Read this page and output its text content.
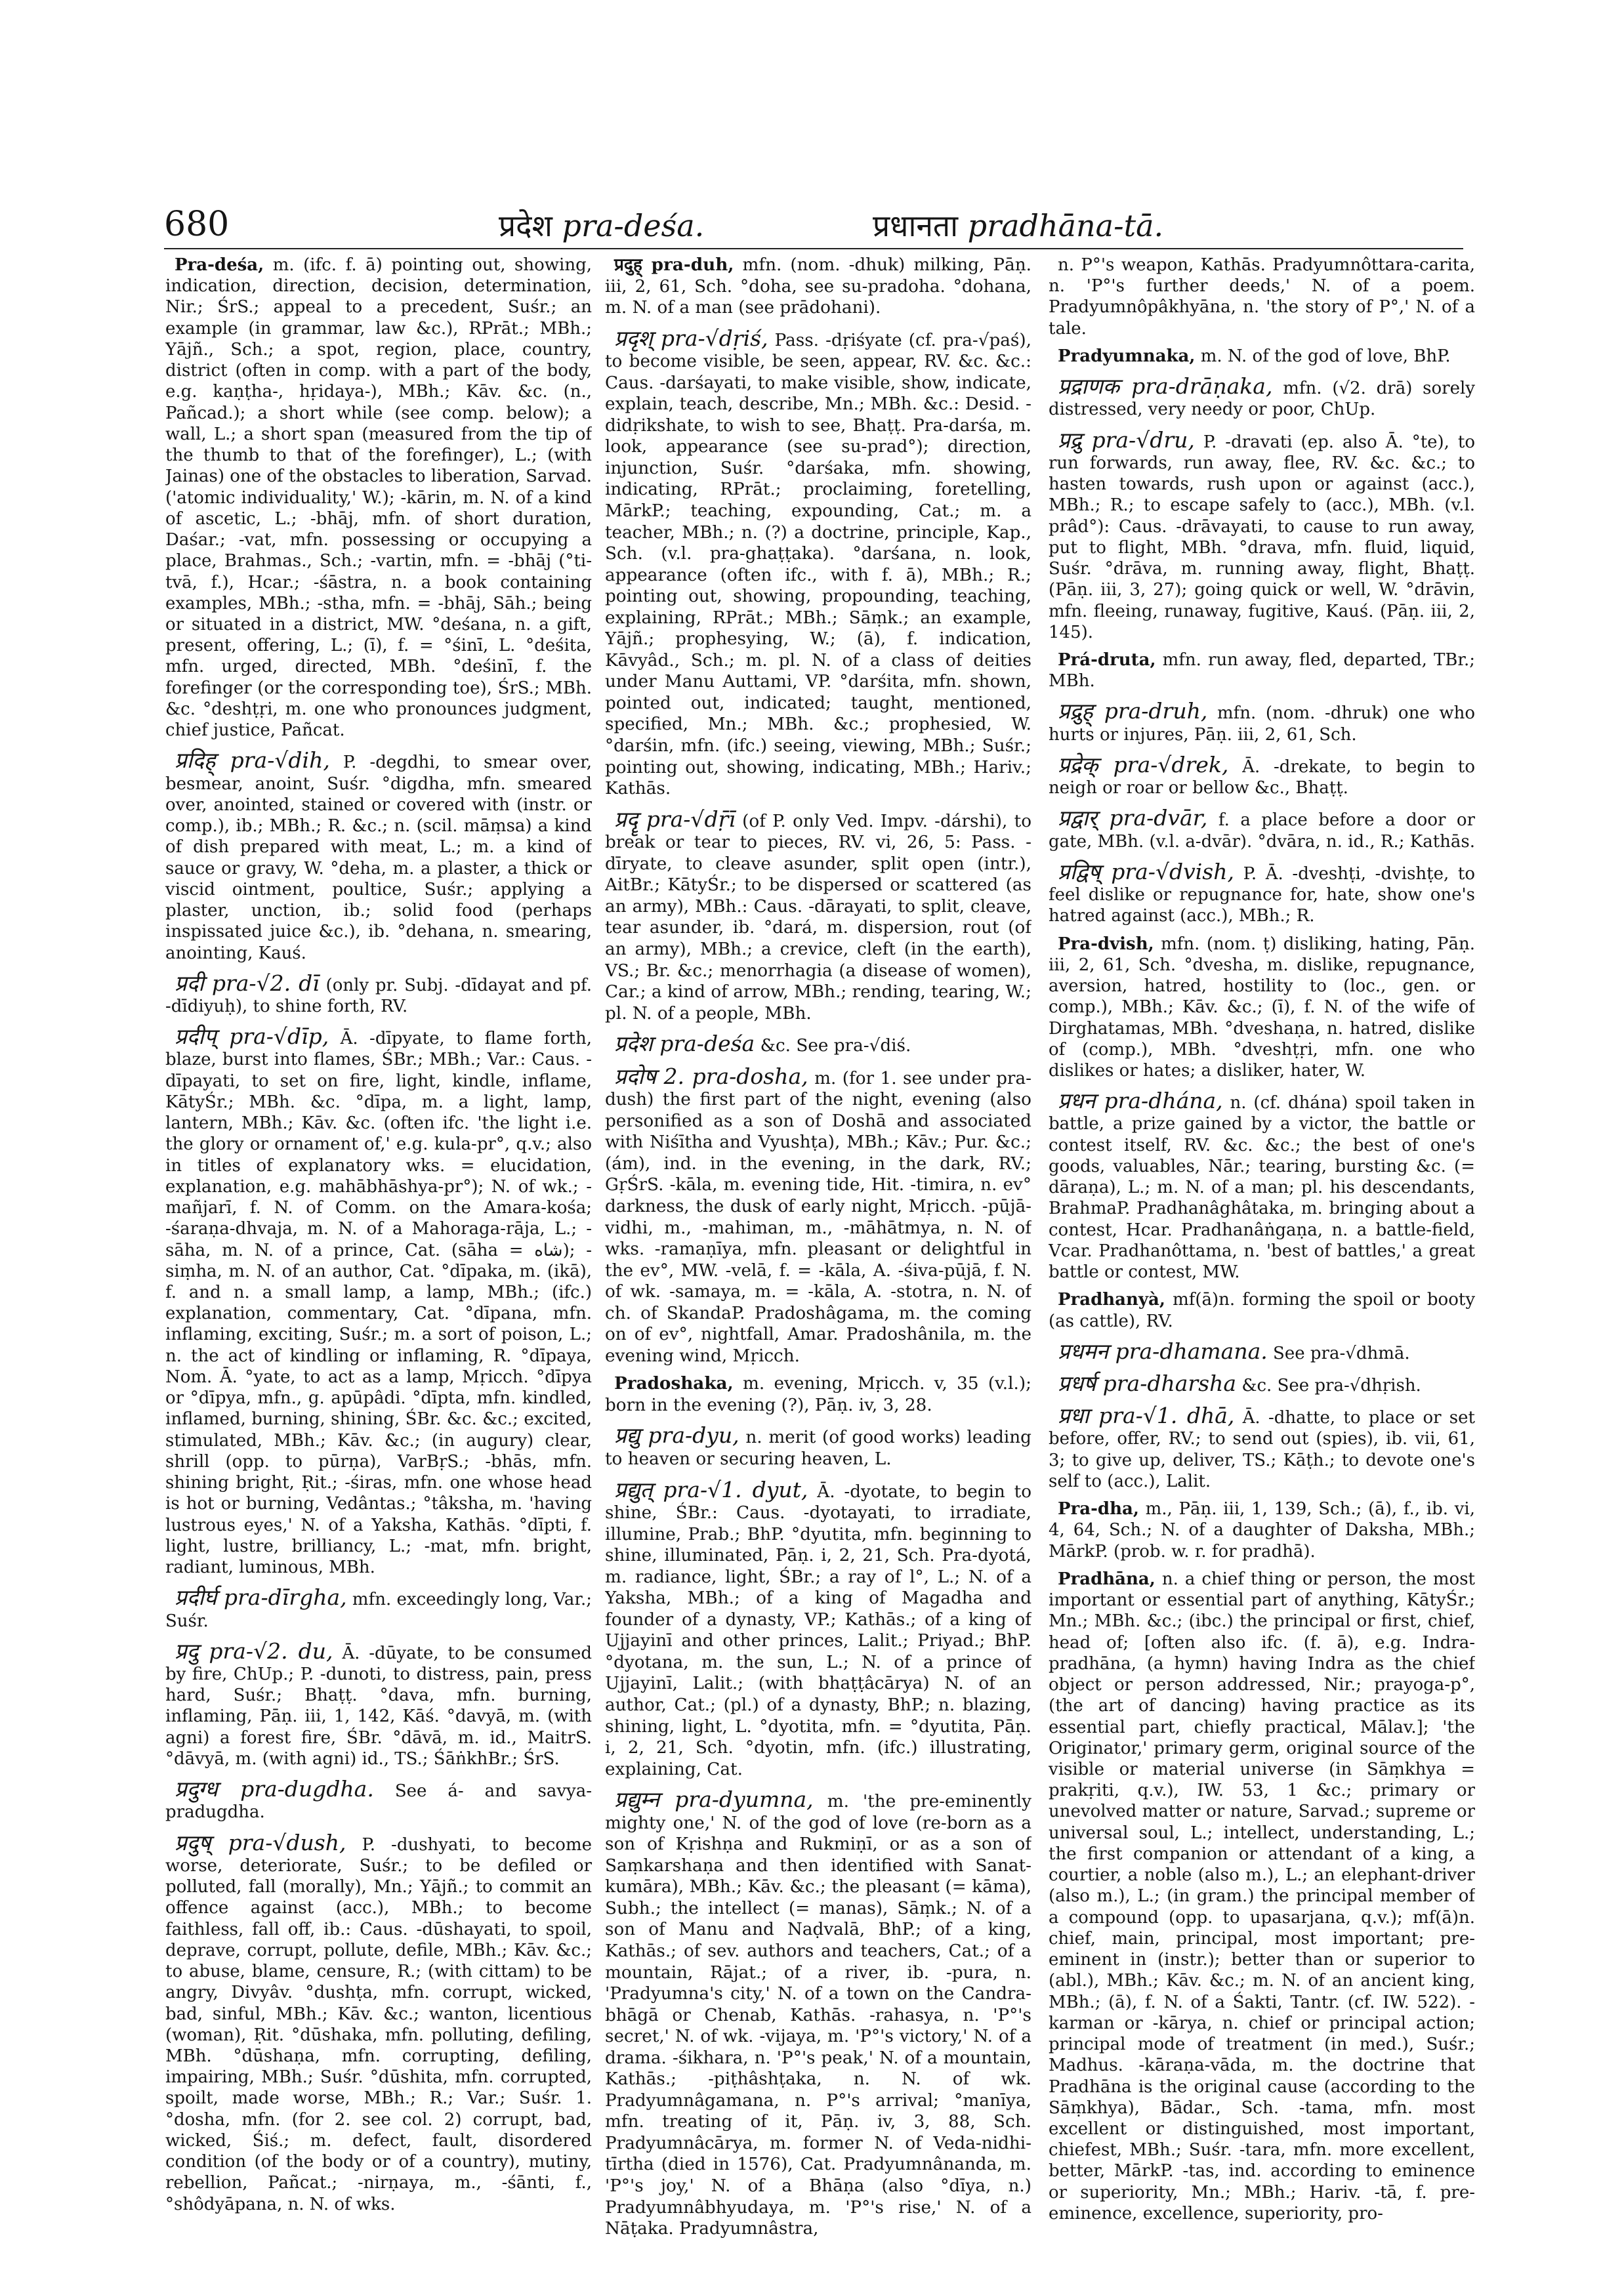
680	प्रदेश pra-deśa.	प्रधानता pradhāna-tā.

Pra-deśa, m. (ifc. f. ā) pointing out, showing, indication, direction, decision, determination, Nir.; ŚrS.; appeal to a precedent, Suśr.; an example (in grammar, law &c.), RPrāt.; MBh.; Yājñ., Sch.; a spot, region, place, country, district (often in comp. with a part of the body, e.g. kaṇṭha-, hṛidaya-), MBh.; Kāv. &c. (n., Pañcad.); a short while (see comp. below); a wall, L.; a short span (measured from the tip of the thumb to that of the forefinger), L.; (with Jainas) one of the obstacles to liberation, Sarvad. ('atomic individuality,' W.); -kārin, m. N. of a kind of ascetic, L.; -bhāj, mfn. of short duration, Daśar.; -vat, mfn. possessing or occupying a place, Brahmas., Sch.; -vartin, mfn. = -bhāj (°ti-tvā, f.), Hcar.; -śāstra, n. a book containing examples, MBh.; -stha, mfn. = -bhāj, Sāh.; being or situated in a district, MW. °deśana, n. a gift, present, offering, L.; (ī), f. = °śinī, L. °deśita, mfn. urged, directed, MBh. °deśinī, f. the forefinger (or the corresponding toe), ŚrS.; MBh. &c. °deshṭṛi, m. one who pronounces judgment, chief justice, Pañcat.

प्रदिह् pra-√dih, P. -degdhi, to smear over, besmear, anoint, Suśr. °digdha, mfn. smeared over, anointed, stained or covered with (instr. or comp.), ib.; MBh.; R. &c.; n. (scil. māṃsa) a kind of dish prepared with meat, L.; m. a kind of sauce or gravy, W. °deha, m. a plaster, a thick or viscid ointment, poultice, Suśr.; applying a plaster, unction, ib.; solid food (perhaps inspissated juice &c.), ib. °dehana, n. smearing, anointing, Kauś.

प्रदी pra-√2. dī (only pr. Subj. -dīdayat and pf. -dīdiyuḥ), to shine forth, RV.

प्रदीप् pra-√dīp, Ā. -dīpyate, to flame forth, blaze, burst into flames, ŚBr.; MBh.; Var.: Caus. -dīpayati, to set on fire, light, kindle, inflame, KātyŚr.; MBh. &c. °dīpa, m. a light, lamp, lantern, MBh.; Kāv. &c. (often ifc. 'the light i.e. the glory or ornament of,' e.g. kula-pr°, q.v.; also in titles of explanatory wks. = elucidation, explanation, e.g. mahābhāshya-pr°); N. of wk.; -mañjarī, f. N. of Comm. on the Amara-kośa; -śaraṇa-dhvaja, m. N. of a Mahoraga-rāja, L.; -sāha, m. N. of a prince, Cat. (sāha = ‫شاه‬); -siṃha, m. N. of an author, Cat. °dīpaka, m. (ikā), f. and n. a small lamp, a lamp, MBh.; (ifc.) explanation, commentary, Cat. °dīpana, mfn. inflaming, exciting, Suśr.; m. a sort of poison, L.; n. the act of kindling or inflaming, R. °dīpaya, Nom. Ā. °yate, to act as a lamp, Mṛicch. °dīpya or °dīpya, mfn., g. apūpâdi. °dīpta, mfn. kindled, inflamed, burning, shining, ŚBr. &c. &c.; excited, stimulated, MBh.; Kāv. &c.; (in augury) clear, shrill (opp. to pūrṇa), VarBṛS.; -bhās, mfn. shining bright, Ṛit.; -śiras, mfn. one whose head is hot or burning, Vedântas.; °tâksha, m. 'having lustrous eyes,' N. of a Yaksha, Kathās. °dīpti, f. light, lustre, brilliancy, L.; -mat, mfn. bright, radiant, luminous, MBh.

प्रदीर्घ pra-dīrgha, mfn. exceedingly long, Var.; Suśr.

प्रदु pra-√2. du, Ā. -dūyate, to be consumed by fire, ChUp.; P. -dunoti, to distress, pain, press hard, Suśr.; Bhaṭṭ. °dava, mfn. burning, inflaming, Pāṇ. iii, 1, 142, Kāś. °davyā, m. (with agni) a forest fire, ŚBr. °dāvā, m. id., MaitrS. °dāvyā, m. (with agni) id., TS.; ŚāṅkhBr.; ŚrS.

प्रदुग्ध pra-dugdha. See á- and savya-pradugdha.

प्रदुष् pra-√dush, P. -dushyati, to become worse, deteriorate, Suśr.; to be defiled or polluted, fall (morally), Mn.; Yājñ.; to commit an offence against (acc.), MBh.; to become faithless, fall off, ib.: Caus. -dūshayati, to spoil, deprave, corrupt, pollute, defile, MBh.; Kāv. &c.; to abuse, blame, censure, R.; (with cittam) to be angry, Divyâv. °dushṭa, mfn. corrupt, wicked, bad, sinful, MBh.; Kāv. &c.; wanton, licentious (woman), Ṛit. °dūshaka, mfn. polluting, defiling, MBh. °dūshaṇa, mfn. corrupting, defiling, impairing, MBh.; Suśr. °dūshita, mfn. corrupted, spoilt, made worse, MBh.; R.; Var.; Suśr. 1. °dosha, mfn. (for 2. see col. 2) corrupt, bad, wicked, Śiś.; m. defect, fault, disordered condition (of the body or of a country), mutiny, rebellion, Pañcat.; -nirṇaya, m., -śānti, f., °shôdyāpana, n. N. of wks.

प्रदुह् pra-duh, mfn. (nom. -dhuk) milking, Pāṇ. iii, 2, 61, Sch. °doha, see su-pradoha. °dohana, m. N. of a man (see prādohani).

प्रदृश् pra-√dṛiś, Pass. -dṛiśyate (cf. pra-√paś), to become visible, be seen, appear, RV. &c. &c.: Caus. -darśayati, to make visible, show, indicate, explain, teach, describe, Mn.; MBh. &c.: Desid. -didṛikshate, to wish to see, Bhaṭṭ. Pra-darśa, m. look, appearance (see su-prad°); direction, injunction, Suśr. °darśaka, mfn. showing, indicating, RPrāt.; proclaiming, foretelling, MārkP.; teaching, expounding, Cat.; m. a teacher, MBh.; n. (?) a doctrine, principle, Kap., Sch. (v.l. pra-ghaṭṭaka). °darśana, n. look, appearance (often ifc., with f. ā), MBh.; R.; pointing out, showing, propounding, teaching, explaining, RPrāt.; MBh.; Sāṃk.; an example, Yājñ.; prophesying, W.; (ā), f. indication, Kāvyâd., Sch.; m. pl. N. of a class of deities under Manu Auttami, VP. °darśita, mfn. shown, pointed out, indicated; taught, mentioned, specified, Mn.; MBh. &c.; prophesied, W. °darśin, mfn. (ifc.) seeing, viewing, MBh.; Suśr.; pointing out, showing, indicating, MBh.; Hariv.; Kathās.

प्रदॄ pra-√dṝī (of P. only Ved. Impv. -dárshi), to break or tear to pieces, RV. vi, 26, 5: Pass. -dīryate, to cleave asunder, split open (intr.), AitBr.; KātyŚr.; to be dispersed or scattered (as an army), MBh.: Caus. -dārayati, to split, cleave, tear asunder, ib. °dará, m. dispersion, rout (of an army), MBh.; a crevice, cleft (in the earth), VS.; Br. &c.; menorrhagia (a disease of women), Car.; a kind of arrow, MBh.; rending, tearing, W.; pl. N. of a people, MBh.

प्रदेश pra-deśa &c. See pra-√diś.

प्रदोष 2. pra-dosha, m. (for 1. see under pra-dush) the first part of the night, evening (also personified as a son of Doshā and associated with Niśītha and Vyushṭa), MBh.; Kāv.; Pur. &c.; (ám), ind. in the evening, in the dark, RV.; GṛŚrS. -kāla, m. evening tide, Hit. -timira, n. ev° darkness, the dusk of early night, Mṛicch. -pūjā-vidhi, m., -mahiman, m., -māhātmya, n. N. of wks. -ramaṇīya, mfn. pleasant or delightful in the ev°, MW. -velā, f. = -kāla, A. -śiva-pūjā, f. N. of wk. -samaya, m. = -kāla, A. -stotra, n. N. of ch. of SkandaP. Pradoshâgama, m. the coming on of ev°, nightfall, Amar. Pradoshânila, m. the evening wind, Mṛicch.

Pradoshaka, m. evening, Mṛicch. v, 35 (v.l.); born in the evening (?), Pāṇ. iv, 3, 28.

प्रद्यु pra-dyu, n. merit (of good works) leading to heaven or securing heaven, L.

प्रद्युत् pra-√1. dyut, Ā. -dyotate, to begin to shine, ŚBr.: Caus. -dyotayati, to irradiate, illumine, Prab.; BhP. °dyutita, mfn. beginning to shine, illuminated, Pāṇ. i, 2, 21, Sch. Pra-dyotá, m. radiance, light, ŚBr.; a ray of l°, L.; N. of a Yaksha, MBh.; of a king of Magadha and founder of a dynasty, VP.; Kathās.; of a king of Ujjayinī and other princes, Lalit.; Priyad.; BhP. °dyotana, m. the sun, L.; N. of a prince of Ujjayinī, Lalit.; (with bhaṭṭâcārya) N. of an author, Cat.; (pl.) of a dynasty, BhP.; n. blazing, shining, light, L. °dyotita, mfn. = °dyutita, Pāṇ. i, 2, 21, Sch. °dyotin, mfn. (ifc.) illustrating, explaining, Cat.

प्रद्युम्न pra-dyumna, m. 'the pre-eminently mighty one,' N. of the god of love (re-born as a son of Kṛishṇa and Rukmiṇī, or as a son of Saṃkarshaṇa and then identified with Sanat-kumāra), MBh.; Kāv. &c.; the pleasant (= kāma), Subh.; the intellect (= manas), Sāṃk.; N. of a son of Manu and Naḍvalā, BhP.; of a king, Kathās.; of sev. authors and teachers, Cat.; of a mountain, Rājat.; of a river, ib. -pura, n. 'Pradyumna's city,' N. of a town on the Candra-bhāgā or Chenab, Kathās. -rahasya, n. 'P°'s secret,' N. of wk. -vijaya, m. 'P°'s victory,' N. of a drama. -śikhara, n. 'P°'s peak,' N. of a mountain, Kathās.; -piṭhâshṭaka, n. N. of wk. Pradyumnâgamana, n. P°'s arrival; °manīya, mfn. treating of it, Pāṇ. iv, 3, 88, Sch. Pradyumnâcārya, m. former N. of Veda-nidhi-tīrtha (died in 1576), Cat. Pradyumnânanda, m. 'P°'s joy,' N. of a Bhāṇa (also °dīya, n.) Pradyumnâbhyudaya, m. 'P°'s rise,' N. of a Nāṭaka. Pradyumnâstra,

n. P°'s weapon, Kathās. Pradyumnôttara-carita, n. 'P°'s further deeds,' N. of a poem. Pradyumnôpâkhyāna, n. 'the story of P°,' N. of a tale.

Pradyumnaka, m. N. of the god of love, BhP.

प्रद्राणक pra-drāṇaka, mfn. (√2. drā) sorely distressed, very needy or poor, ChUp.

प्रद्रु pra-√dru, P. -dravati (ep. also Ā. °te), to run forwards, run away, flee, RV. &c. &c.; to hasten towards, rush upon or against (acc.), MBh.; R.; to escape safely to (acc.), MBh. (v.l. prâd°): Caus. -drāvayati, to cause to run away, put to flight, MBh. °drava, mfn. fluid, liquid, Suśr. °drāva, m. running away, flight, Bhaṭṭ. (Pāṇ. iii, 3, 27); going quick or well, W. °drāvin, mfn. fleeing, runaway, fugitive, Kauś. (Pāṇ. iii, 2, 145).

Prá-druta, mfn. run away, fled, departed, TBr.; MBh.

प्रद्रुह् pra-druh, mfn. (nom. -dhruk) one who hurts or injures, Pāṇ. iii, 2, 61, Sch.

प्रद्रेक् pra-√drek, Ā. -drekate, to begin to neigh or roar or bellow &c., Bhaṭṭ.

प्रद्वार् pra-dvār, f. a place before a door or gate, MBh. (v.l. a-dvār). °dvāra, n. id., R.; Kathās.

प्रद्विष् pra-√dvish, P. Ā. -dveshṭi, -dvishṭe, to feel dislike or repugnance for, hate, show one's hatred against (acc.), MBh.; R.

Pra-dvish, mfn. (nom. ṭ) disliking, hating, Pāṇ. iii, 2, 61, Sch. °dvesha, m. dislike, repugnance, aversion, hatred, hostility to (loc., gen. or comp.), MBh.; Kāv. &c.; (ī), f. N. of the wife of Dirghatamas, MBh. °dveshaṇa, n. hatred, dislike of (comp.), MBh. °dveshṭṛi, mfn. one who dislikes or hates; a disliker, hater, W.

प्रधन pra-dhána, n. (cf. dhána) spoil taken in battle, a prize gained by a victor, the battle or contest itself, RV. &c. &c.; the best of one's goods, valuables, Nār.; tearing, bursting &c. (= dāraṇa), L.; m. N. of a man; pl. his descendants, BrahmaP. Pradhanâghâtaka, m. bringing about a contest, Hcar. Pradhanâṅgaṇa, n. a battle-field, Vcar. Pradhanôttama, n. 'best of battles,' a great battle or contest, MW.

Pradhanyà, mf(ā)n. forming the spoil or booty (as cattle), RV.

प्रधमन pra-dhamana. See pra-√dhmā.

प्रधर्ष pra-dharsha &c. See pra-√dhṛish.

प्रधा pra-√1. dhā, Ā. -dhatte, to place or set before, offer, RV.; to send out (spies), ib. vii, 61, 3; to give up, deliver, TS.; Kāṭh.; to devote one's self to (acc.), Lalit.

Pra-dha, m., Pāṇ. iii, 1, 139, Sch.; (ā), f., ib. vi, 4, 64, Sch.; N. of a daughter of Daksha, MBh.; MārkP. (prob. w. r. for pradhā).

Pradhāna, n. a chief thing or person, the most important or essential part of anything, KātyŚr.; Mn.; MBh. &c.; (ibc.) the principal or first, chief, head of; [often also ifc. (f. ā), e.g. Indra-pradhāna, (a hymn) having Indra as the chief object or person addressed, Nir.; prayoga-p°, (the art of dancing) having practice as its essential part, chiefly practical, Mālav.]; 'the Originator,' primary germ, original source of the visible or material universe (in Sāṃkhya = prakṛiti, q.v.), IW. 53, 1 &c.; primary or unevolved matter or nature, Sarvad.; supreme or universal soul, L.; intellect, understanding, L.; the first companion or attendant of a king, a courtier, a noble (also m.), L.; an elephant-driver (also m.), L.; (in gram.) the principal member of a compound (opp. to upasarjana, q.v.); mf(ā)n. chief, main, principal, most important; pre-eminent in (instr.); better than or superior to (abl.), MBh.; Kāv. &c.; m. N. of an ancient king, MBh.; (ā), f. N. of a Śakti, Tantr. (cf. IW. 522). -karman or -kārya, n. chief or principal action; principal mode of treatment (in med.), Suśr.; Madhus. -kāraṇa-vāda, m. the doctrine that Pradhāna is the original cause (according to the Sāṃkhya), Bādar., Sch. -tama, mfn. most excellent or distinguished, most important, chiefest, MBh.; Suśr. -tara, mfn. more excellent, better, MārkP. -tas, ind. according to eminence or superiority, Mn.; MBh.; Hariv. -tā, f. pre-eminence, excellence, superiority, pro-
